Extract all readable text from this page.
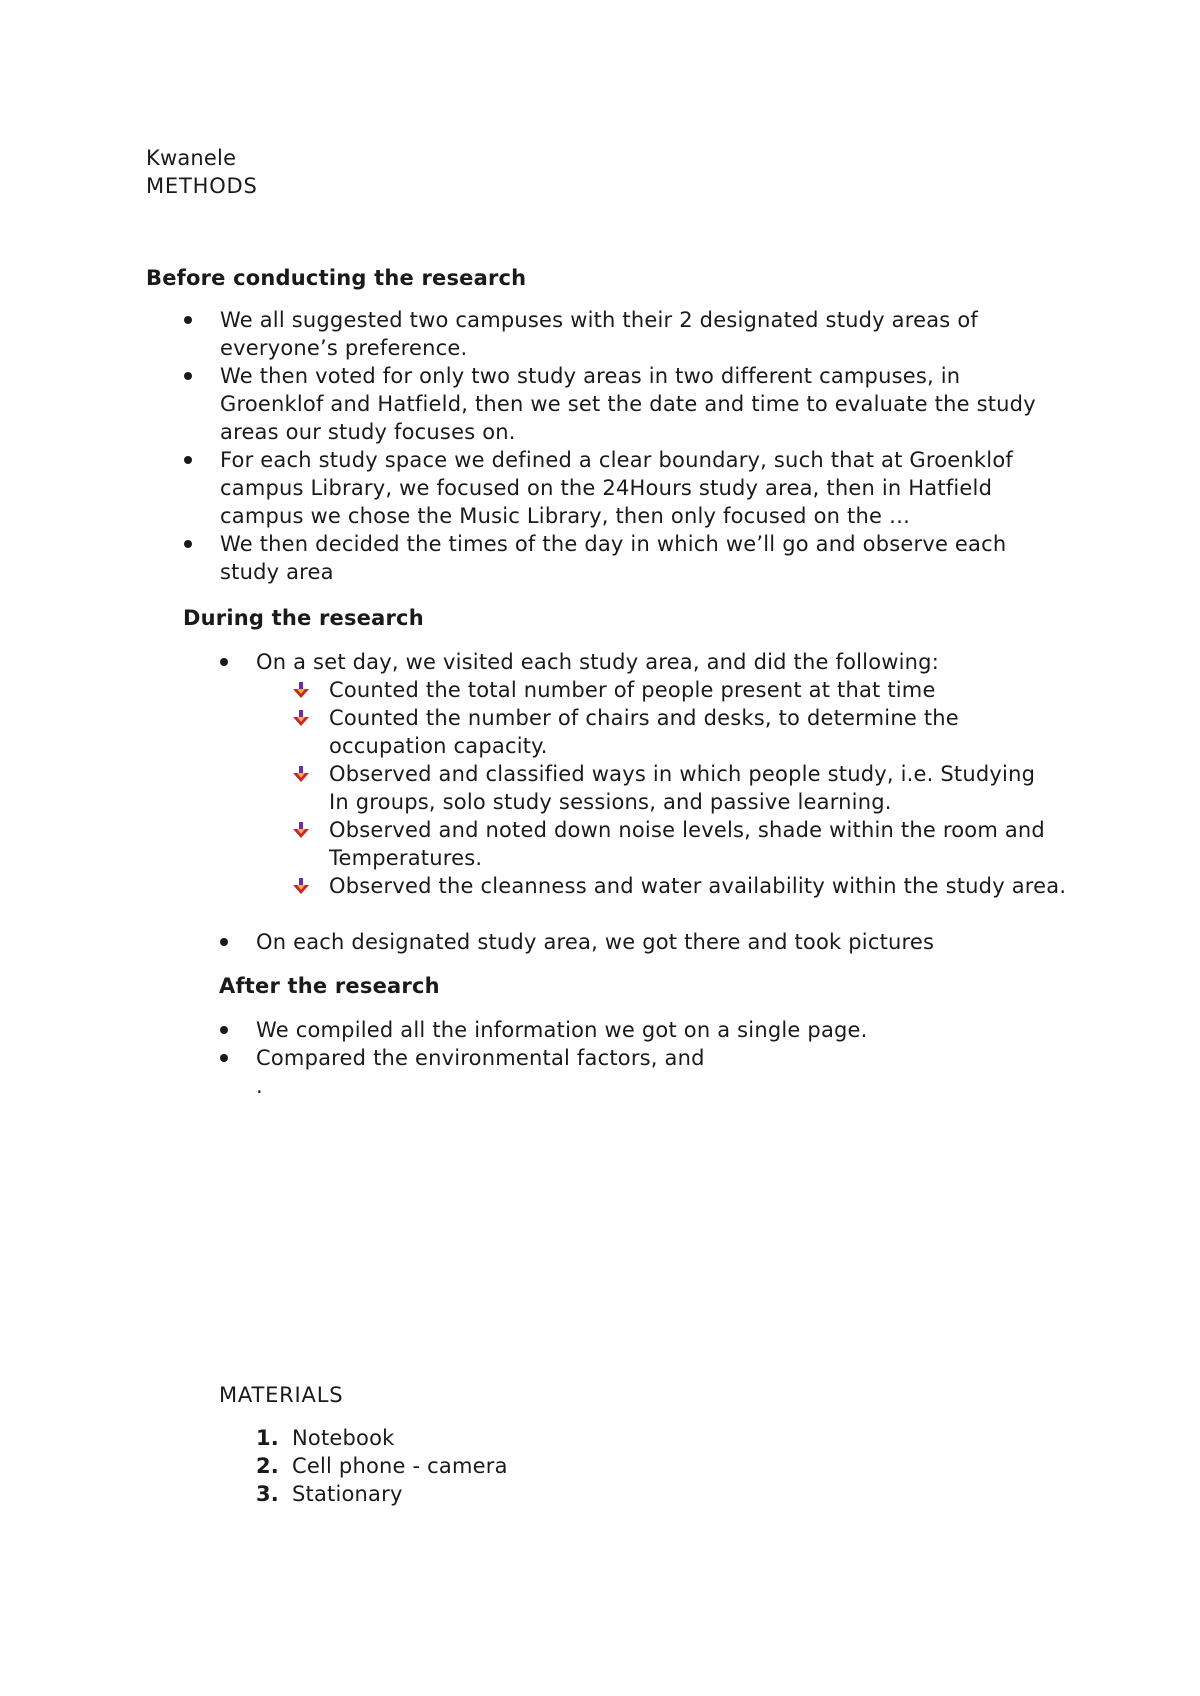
Kwanele
METHODS
Before conducting the research

We all suggested two campuses with their 2 designated study areas of everyone’s preference.

We then voted for only two study areas in two different campuses, in Groenklof and Hatfield, then we set the date and time to evaluate the study areas our study focuses on.

For each study space we defined a clear boundary, such that at Groenklof campus Library, we focused on the 24Hours study area, then in Hatfield campus we chose the Music Library, then only focused on the …

We then decided the times of the day in which we’ll go and observe each study area

During the research
On a set day, we visited each study area, and did the following:

Counted the total number of people present at that time

Counted the number of chairs and desks, to determine the occupation capacity.

Observed and classified ways in which people study, i.e. Studying In groups, solo study sessions, and passive learning.

Observed and noted down noise levels, shade within the room and Temperatures.

Observed the cleanness and water availability within the study area.

On each designated study area, we got there and took pictures
After the research
We compiled all the information we got on a single page.
Compared the environmental factors, and
.
MATERIALS
1. Notebook
2. Cell phone - camera
3. Stationary
